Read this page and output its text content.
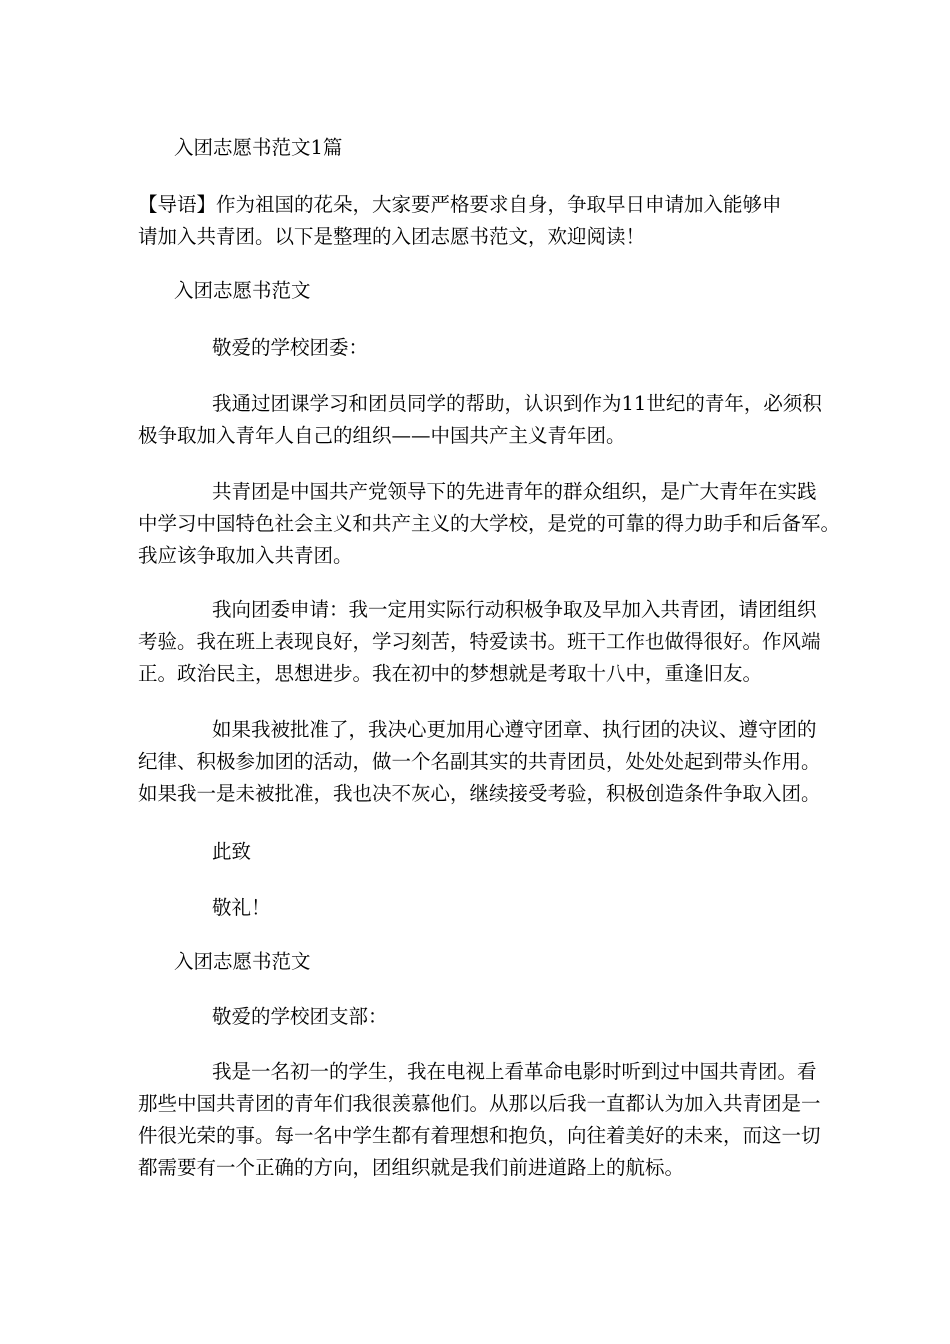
入团志愿书范文1篇

【导语】作为祖国的花朵，大家要严格要求自身，争取早日申请加入能够申
请加入共青团。以下是整理的入团志愿书范文，欢迎阅读！

入团志愿书范文

敬爱的学校团委：

我通过团课学习和团员同学的帮助，认识到作为11世纪的青年，必须积
极争取加入青年人自己的组织——中国共产主义青年团。
共青团是中国共产党领导下的先进青年的群众组织，是广大青年在实践
中学习中国特色社会主义和共产主义的大学校，是党的可靠的得力助手和后备军。
我应该争取加入共青团。
我向团委申请：我一定用实际行动积极争取及早加入共青团，请团组织
考验。我在班上表现良好，学习刻苦，特爱读书。班干工作也做得很好。作风端
正。政治民主，思想进步。我在初中的梦想就是考取十八中，重逢旧友。
如果我被批准了，我决心更加用心遵守团章、执行团的决议、遵守团的
纪律、积极参加团的活动，做一个名副其实的共青团员，处处处起到带头作用。
如果我一是未被批准，我也决不灰心，继续接受考验，积极创造条件争取入团。

此致

敬礼！

入团志愿书范文

敬爱的学校团支部：

我是一名初一的学生，我在电视上看革命电影时听到过中国共青团。看
那些中国共青团的青年们我很羡慕他们。从那以后我一直都认为加入共青团是一
件很光荣的事。每一名中学生都有着理想和抱负，向往着美好的未来，而这一切
都需要有一个正确的方向，团组织就是我们前进道路上的航标。
